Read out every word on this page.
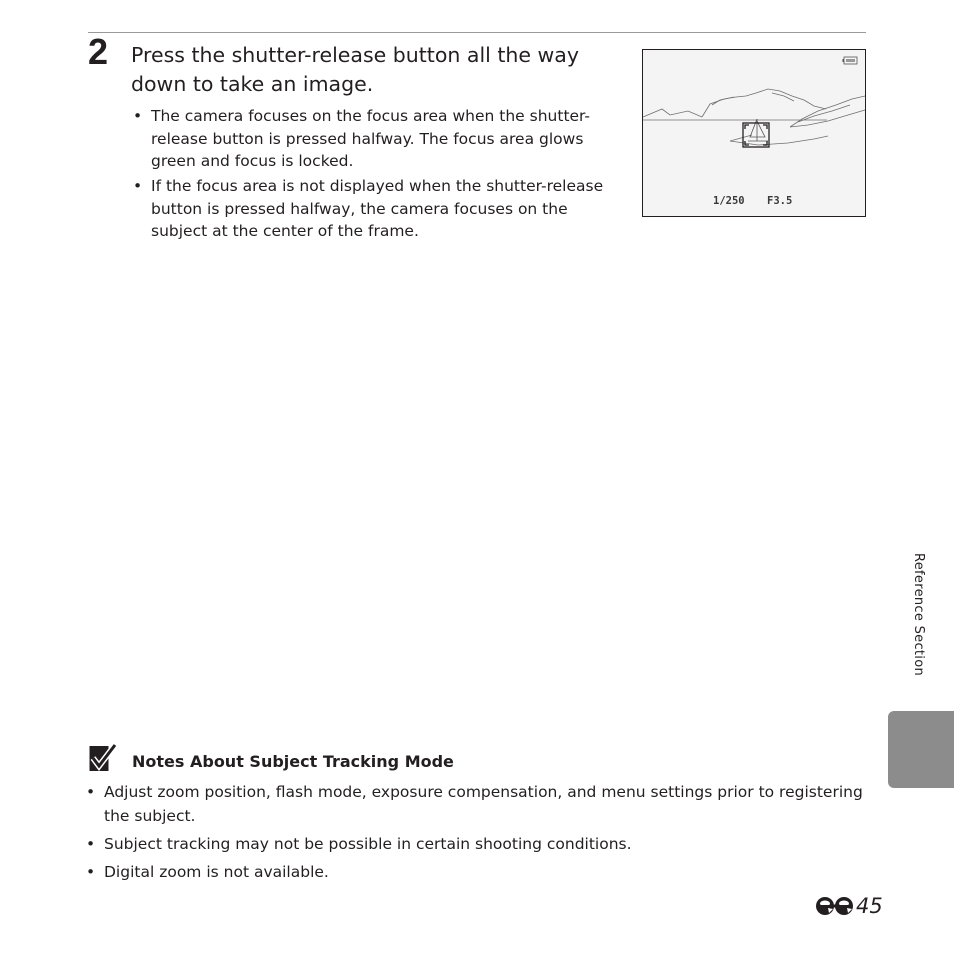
2 Press the shutter-release button all the way down to take an image.
• The camera focuses on the focus area when the shutter-release button is pressed halfway. The focus area glows green and focus is locked.
• If the focus area is not displayed when the shutter-release button is pressed halfway, the camera focuses on the subject at the center of the frame.
1/250 F3.5
Reference Section
Notes About Subject Tracking Mode
• Adjust zoom position, flash mode, exposure compensation, and menu settings prior to registering the subject.
• Subject tracking may not be possible in certain shooting conditions.
• Digital zoom is not available.
45
